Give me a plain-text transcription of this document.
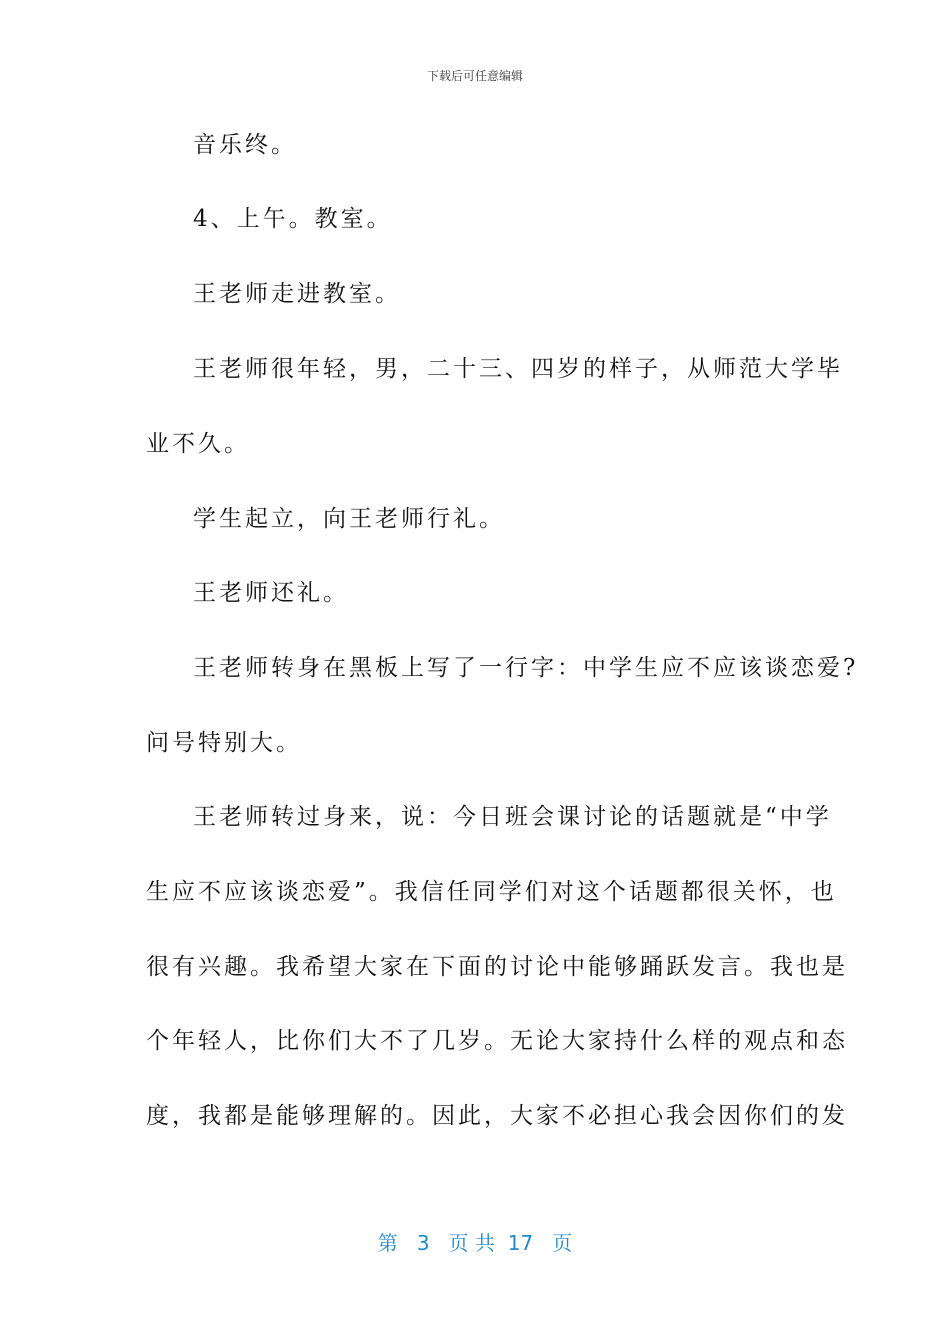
下载后可任意编辑
音乐终。
4、上午。教室。
王老师走进教室。
王老师很年轻，男，二十三、四岁的样子，从师范大学毕
业不久。
学生起立，向王老师行礼。
王老师还礼。
王老师转身在黑板上写了一行字：中学生应不应该谈恋爱?
问号特别大。
王老师转过身来，说：今日班会课讨论的话题就是“中学
生应不应该谈恋爱”。我信任同学们对这个话题都很关怀，也
很有兴趣。我希望大家在下面的讨论中能够踊跃发言。我也是
个年轻人，比你们大不了几岁。无论大家持什么样的观点和态
度，我都是能够理解的。因此，大家不必担心我会因你们的发
第 3 页 共 17 页
